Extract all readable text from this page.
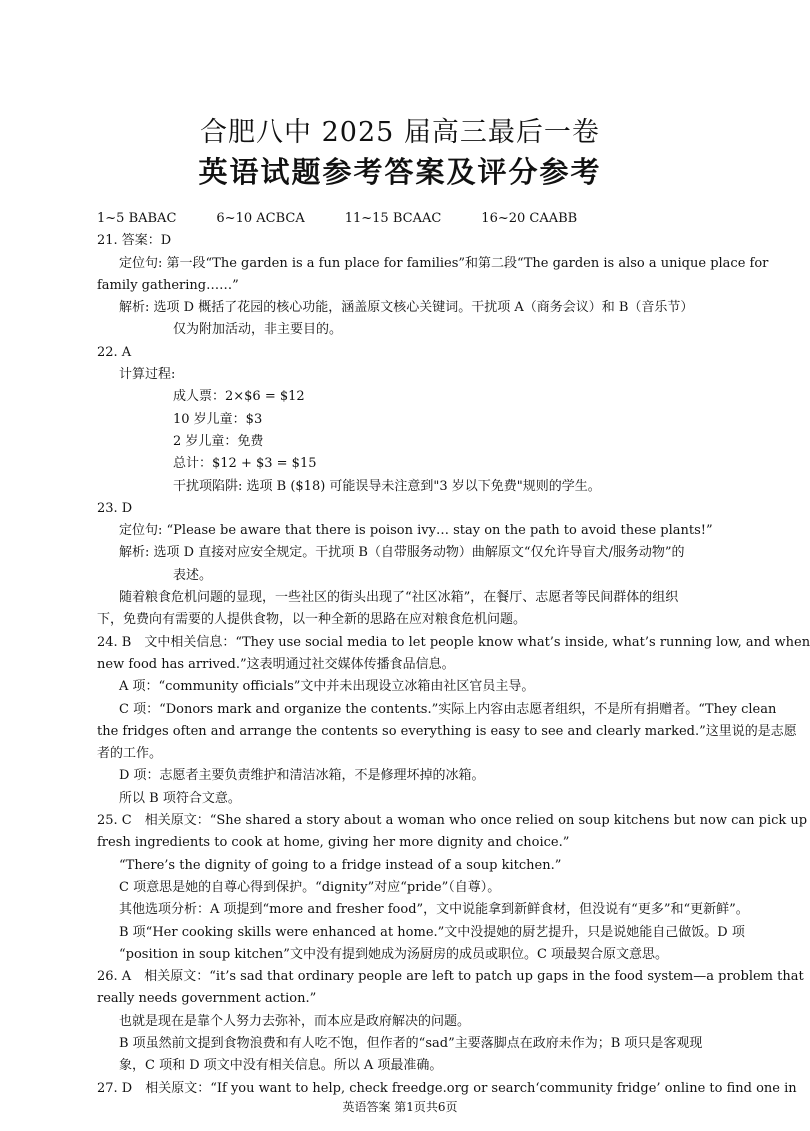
合肥八中 2025 届高三最后一卷
英语试题参考答案及评分参考
1~5 BABAC	6~10 ACBCA	11~15 BCAAC	16~20 CAABB
21. 答案：D
定位句: 第一段“The garden is a fun place for families”和第二段“The garden is also a unique place for
family gathering……”
解析: 选项 D 概括了花园的核心功能，涵盖原文核心关键词。干扰项 A（商务会议）和 B（音乐节）
仅为附加活动，非主要目的。
22. A
计算过程:
成人票：2×$6 = $12
10 岁儿童：$3
2 岁儿童：免费
总计：$12 + $3 = $15
干扰项陷阱: 选项 B ($18) 可能误导未注意到"3 岁以下免费"规则的学生。
23. D
定位句: “Please be aware that there is poison ivy… stay on the path to avoid these plants!”
解析: 选项 D 直接对应安全规定。干扰项 B（自带服务动物）曲解原文“仅允许导盲犬/服务动物”的
表述。
随着粮食危机问题的显现，一些社区的街头出现了“社区冰箱”，在餐厅、志愿者等民间群体的组织
下，免费向有需要的人提供食物，以一种全新的思路在应对粮食危机问题。
24. B　文中相关信息：“They use social media to let people know what’s inside, what’s running low, and when
new food has arrived.”这表明通过社交媒体传播食品信息。
A 项：“community officials”文中并未出现设立冰箱由社区官员主导。
C 项：“Donors mark and organize the contents.”实际上内容由志愿者组织，不是所有捐赠者。“They clean
the fridges often and arrange the contents so everything is easy to see and clearly marked.”这里说的是志愿
者的工作。
D 项：志愿者主要负责维护和清洁冰箱，不是修理坏掉的冰箱。
所以 B 项符合文意。
25. C　相关原文：“She shared a story about a woman who once relied on soup kitchens but now can pick up
fresh ingredients to cook at home, giving her more dignity and choice.”
“There’s the dignity of going to a fridge instead of a soup kitchen.”
C 项意思是她的自尊心得到保护。“dignity”对应“pride”（自尊）。
其他选项分析：A 项提到“more and fresher food”，文中说能拿到新鲜食材，但没说有“更多”和“更新鲜”。
B 项“Her cooking skills were enhanced at home.”文中没提她的厨艺提升，只是说她能自己做饭。D 项
“position in soup kitchen”文中没有提到她成为汤厨房的成员或职位。C 项最契合原文意思。
26. A　相关原文：“it’s sad that ordinary people are left to patch up gaps in the food system—a problem that
really needs government action.”
也就是现在是靠个人努力去弥补，而本应是政府解决的问题。
B 项虽然前文提到食物浪费和有人吃不饱，但作者的“sad”主要落脚点在政府未作为；B 项只是客观现
象，C 项和 D 项文中没有相关信息。所以 A 项最准确。
27. D　相关原文：“If you want to help, check freedge.org or search‘community fridge’ online to find one in
英语答案 第1页共6页
